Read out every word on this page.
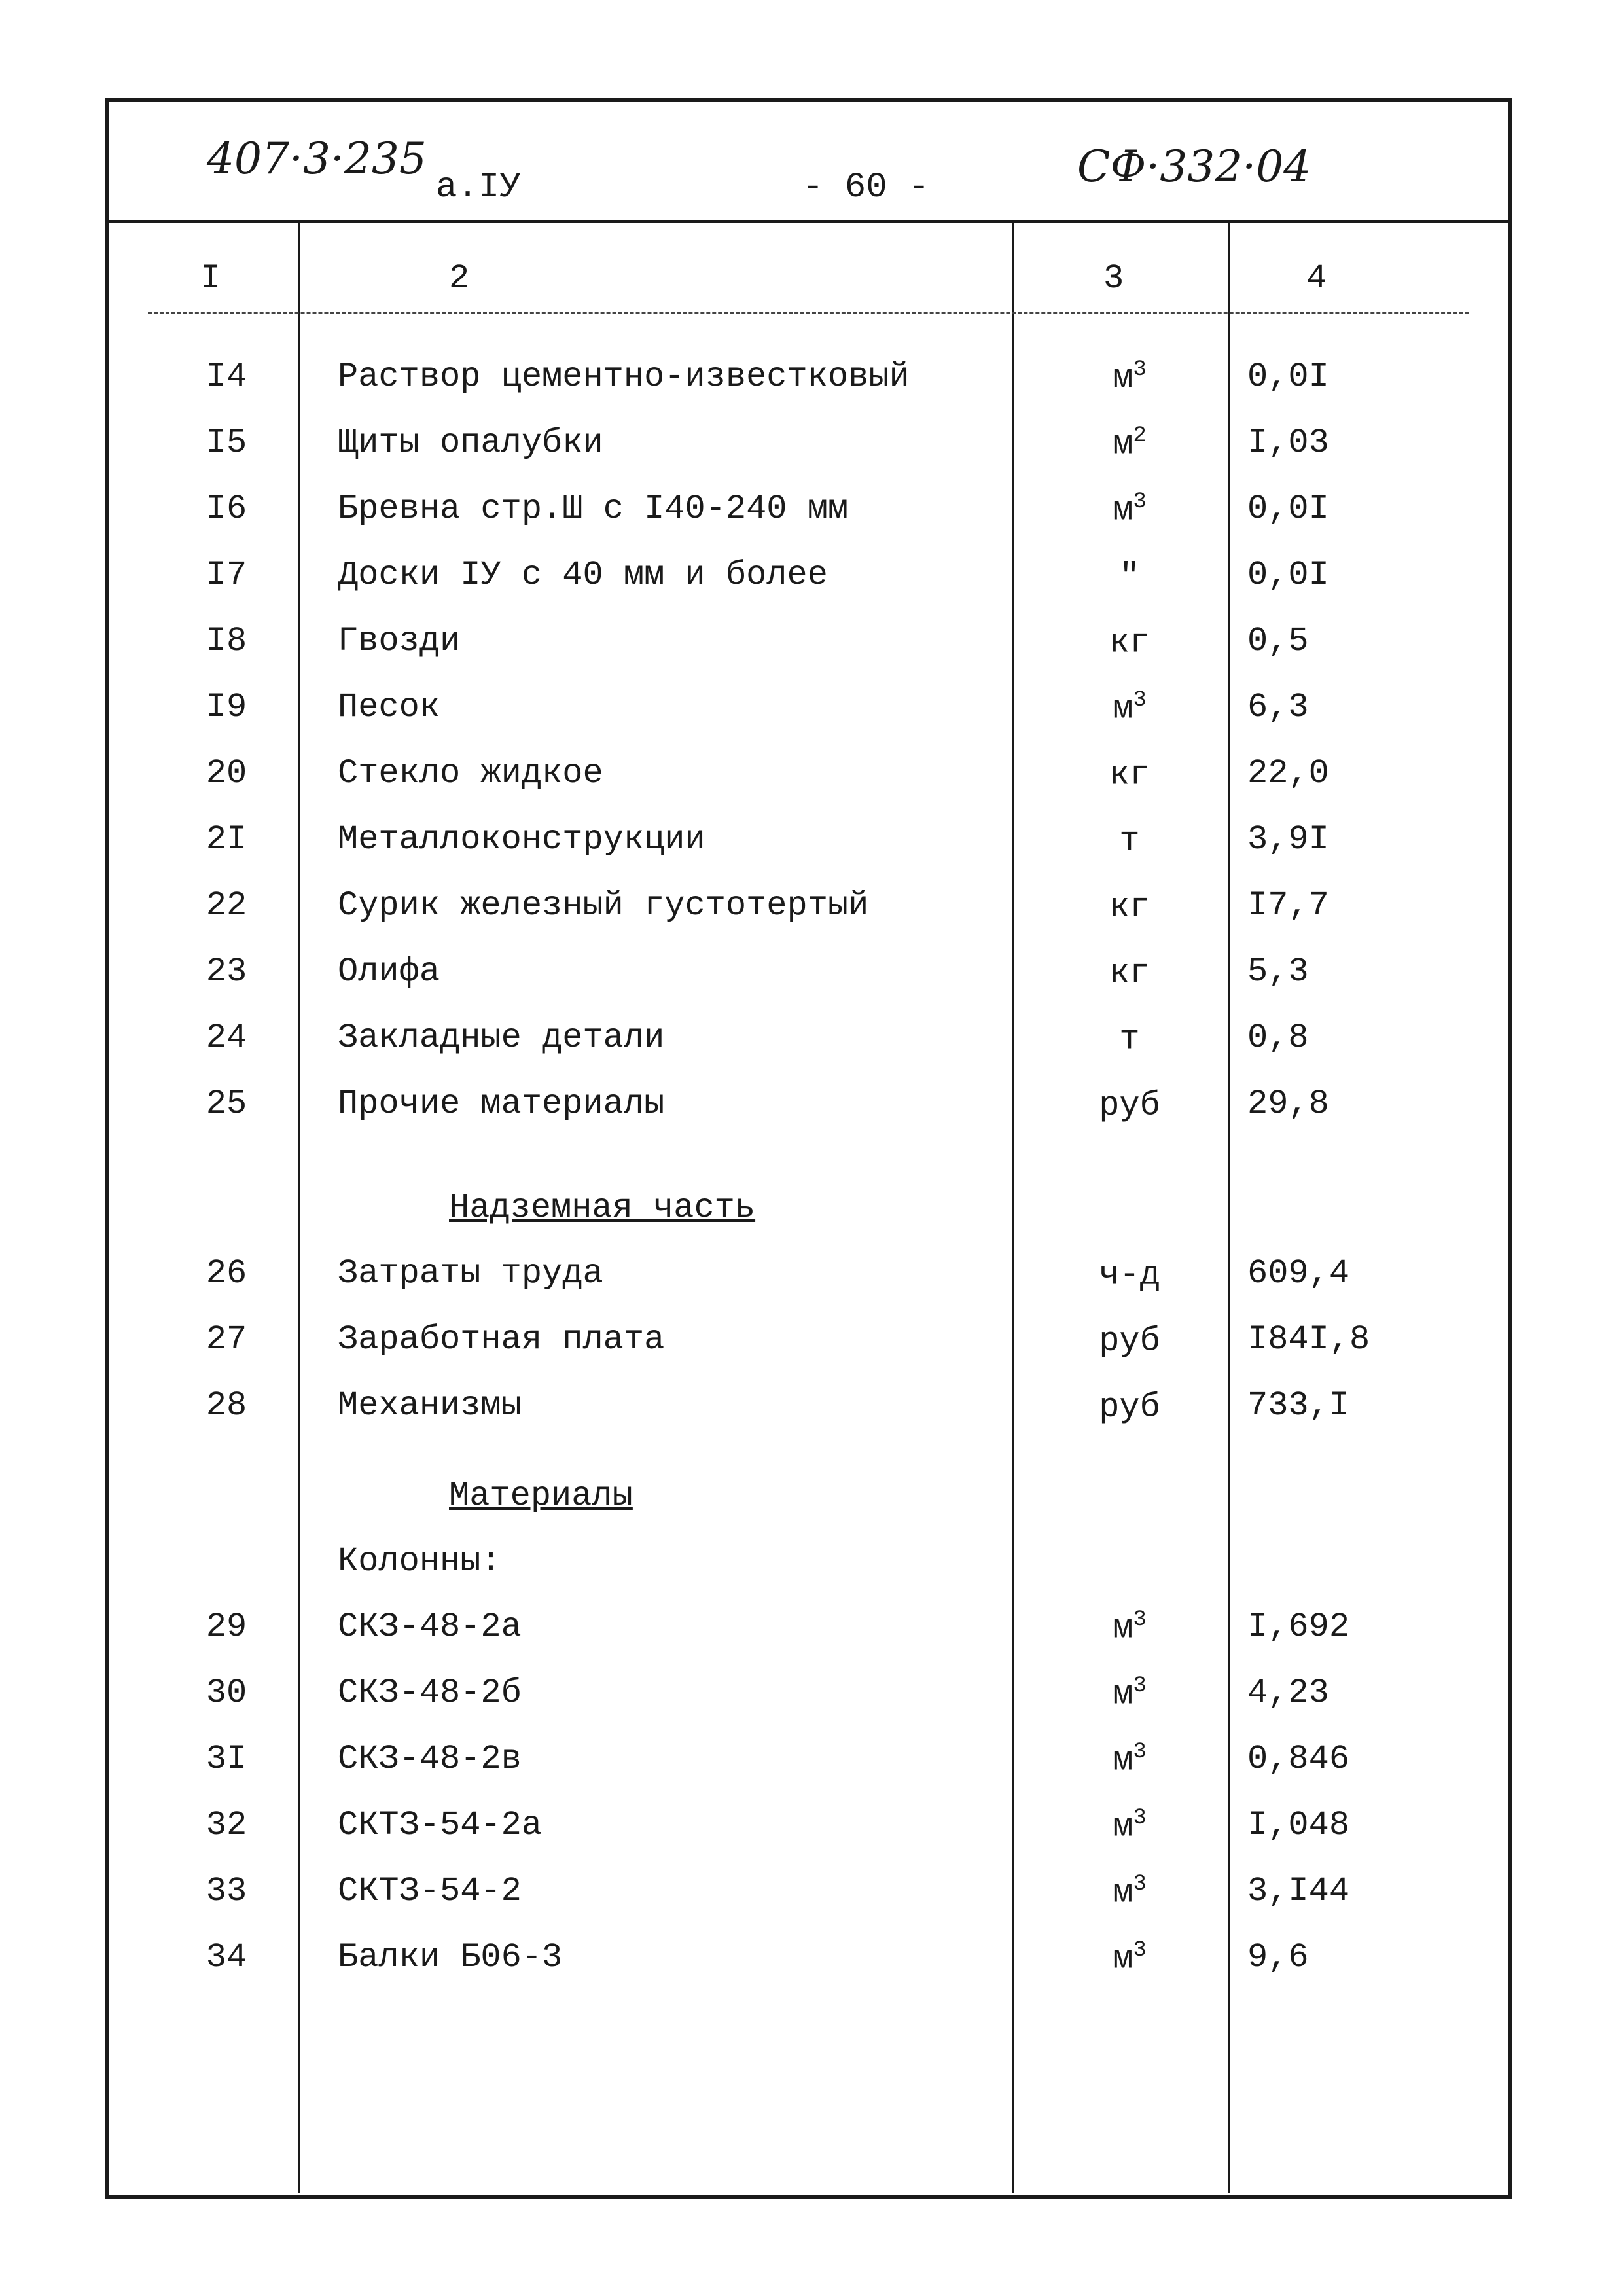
407·3·235
а.IУ	- 60 -	СФ·332·04
I	2	3	4
I4	Раствор цементно-известковый	$м^3$	0,0I
I5	Щиты опалубки	$м^2$	I,03
I6	Бревна стр.Ш с I40-240 мм	$м^3$	0,0I
I7	Доски IУ с 40 мм и более	"	0,0I
I8	Гвозди	кг	0,5
I9	Песок	$м^3$	6,3
20	Стекло жидкое	кг	22,0
2I	Металлоконструкции	т	3,9I
22	Сурик железный густотертый	кг	I7,7
23	Олифа	кг	5,3
24	Закладные детали	т	0,8
25	Прочие материалы	руб	29,8
Надземная часть
26	Затраты труда	ч-д	609,4
27	Заработная плата	руб	I84I,8
28	Механизмы	руб	733,I
Материалы
Колонны:
29	СКЗ-48-2а	$м^3$	I,692
30	СКЗ-48-2б	$м^3$	4,23
3I	СКЗ-48-2в	$м^3$	0,846
32	СКТЗ-54-2а	$м^3$	I,048
33	СКТЗ-54-2	$м^3$	3,I44
34	Балки Б06-3	$м^3$	9,6
